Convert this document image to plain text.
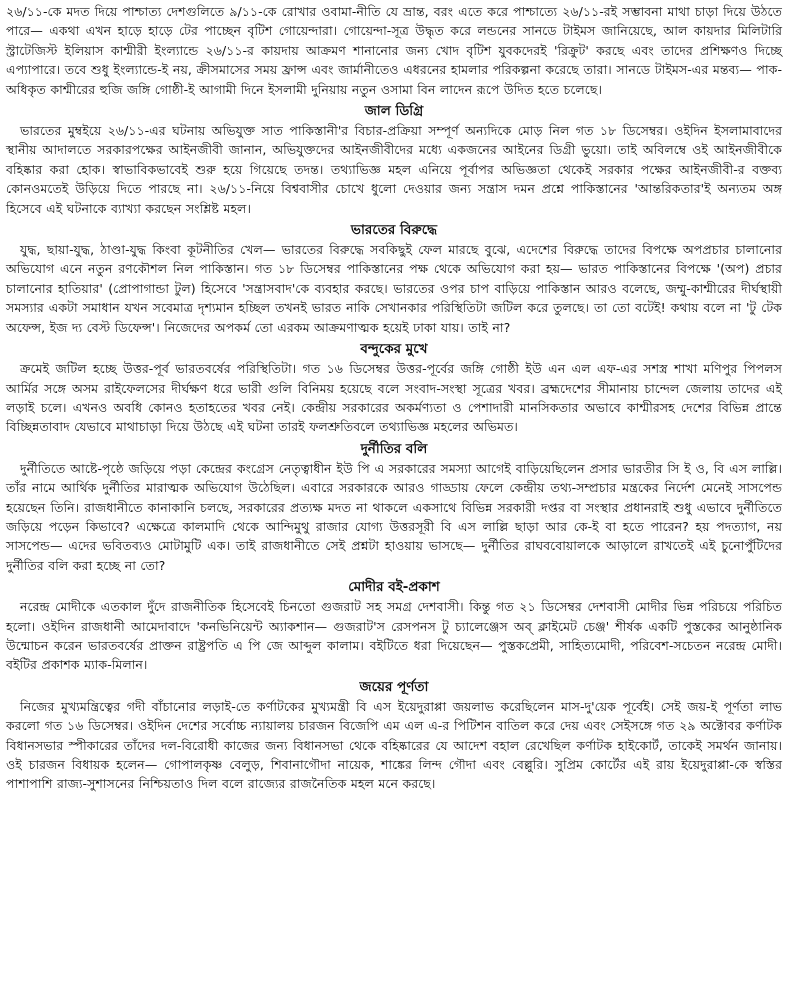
২৬/১১-কে মদত দিয়ে পাশ্চাত্য দেশগুলিতে ৯/১১-কে রোখার ওবামা-নীতি যে ভ্রান্ত, বরং এতে করে পাশ্চাত্যে ২৬/১১-রই সম্ভাবনা মাথা চাড়া দিয়ে উঠতে পারে— একথা এখন হাড়ে হাড়ে টের পাচ্ছেন বৃটিশ গোয়েন্দারা। গোয়েন্দা-সূত্র উদ্ধৃত করে লন্ডনের সানডে টাইমস জানিয়েছে, আল কায়দার মিলিটারি স্ট্রাটেজিস্ট ইলিয়াস কাশ্মীরী ইংল্যান্ডে ২৬/১১-র কায়দায় আক্রমণ শানানোর জন্য খোদ বৃটিশ যুবকদেরই 'রিক্রুট' করছে এবং তাদের প্রশিক্ষণও দিচ্ছে এপ্যাপারে। তবে শুধু ইংল্যান্ডে-ই নয়, ক্রীসমাসের সময় ফ্রান্স এবং জার্মানীতেও এধরনের হামলার পরিকল্পনা করেছে তারা। সানডে টাইমস-এর মন্তব্য— পাক-অধিকৃত কাশ্মীরের হুজি জঙ্গি গোষ্ঠী-ই আগামী দিনে ইসলামী দুনিয়ায় নতুন ওসামা বিন লাদেন রূপে উদিত হতে চলেছে।

জাল ডিগ্রি

ভারতের মুম্বইয়ে ২৬/১১-এর ঘটনায় অভিযুক্ত সাত পাকিস্তানী'র বিচার-প্রক্রিয়া সম্পূর্ণ অন্যদিকে মোড় নিল গত ১৮ ডিসেম্বর। ওইদিন ইসলামাবাদের স্থানীয় আদালতে সরকারপক্ষের আইনজীবী জানান, অভিযুক্তদের আইনজীবীদের মধ্যে একজনের আইনের ডিগ্রী ভুয়ো। তাই অবিলম্বে ওই আইনজীবীকে বহিষ্কার করা হোক। স্বাভাবিকভাবেই শুরু হয়ে গিয়েছে তদন্ত। তথ্যাভিজ্ঞ মহল এনিয়ে পূর্বাপর অভিজ্ঞতা থেকেই সরকার পক্ষের আইনজীবী-র বক্তব্য কোনওমতেই উড়িয়ে দিতে পারছে না। ২৬/১১-নিয়ে বিশ্ববাসীর চোখে ধুলো দেওয়ার জন্য সন্ত্রাস দমন প্রশ্নে পাকিস্তানের 'আন্তরিকতার'ই অন্যতম অঙ্গ হিসেবে এই ঘটনাকে ব্যাখ্যা করছেন সংশ্লিষ্ট মহল।

ভারতের বিরুদ্ধে

যুদ্ধ, ছায়া-যুদ্ধ, ঠাণ্ডা-যুদ্ধ কিংবা কূটনীতির খেল— ভারতের বিরুদ্ধে সবকিছুই ফেল মারছে বুঝে, এদেশের বিরুদ্ধে তাদের বিপক্ষে অপপ্রচার চালানোর অভিযোগ এনে নতুন রণকৌশল নিল পাকিস্তান। গত ১৮ ডিসেম্বর পাকিস্তানের পক্ষ থেকে অভিযোগ করা হয়— ভারত পাকিস্তানের বিপক্ষে '(অপ) প্রচার চালানোর হাতিয়ার' (প্রোপাগান্ডা টুল) হিসেবে 'সন্ত্রাসবাদ'কে ব্যবহার করছে। ভারতের ওপর চাপ বাড়িয়ে পাকিস্তান আরও বলেছে, জম্মু-কাশ্মীরের দীর্ঘস্থায়ী সমস্যার একটা সমাধান যখন সবেমাত্র দৃশ্যমান হচ্ছিল তখনই ভারত নাকি সেখানকার পরিস্থিতিটা জটিল করে তুলছে। তা তো বটেই! কথায় বলে না 'টু টেক অফেন্স, ইজ দ্য বেস্ট ডিফেন্স'। নিজেদের অপকর্ম তো এরকম আক্রমণাত্মক হয়েই ঢাকা যায়। তাই না?

বন্দুকের মুখে

ক্রমেই জটিল হচ্ছে উত্তর-পূর্ব ভারতবর্ষের পরিস্থিতিটা। গত ১৬ ডিসেম্বর উত্তর-পূর্বের জঙ্গি গোষ্ঠী ইউ এন এল এফ-এর সশস্ত্র শাখা মণিপুর পিপলস আর্মির সঙ্গে অসম রাইফেলসের দীর্ঘক্ষণ ধরে ভারী গুলি বিনিময় হয়েছে বলে সংবাদ-সংস্থা সূত্রের খবর। ব্রহ্মদেশের সীমানায় চান্দেল জেলায় তাদের এই লড়াই চলে। এখনও অবধি কোনও হতাহতের খবর নেই। কেন্দ্রীয় সরকারের অকর্মণ্যতা ও পেশাদারী মানসিকতার অভাবে কাশ্মীরসহ দেশের বিভিন্ন প্রান্তে বিচ্ছিন্নতাবাদ যেভাবে মাথাচাড়া দিয়ে উঠছে এই ঘটনা তারই ফলশ্রুতিবলে তথ্যাভিজ্ঞ মহলের অভিমত।

দুর্নীতির বলি

দুর্নীতিতে আষ্টে-পৃষ্ঠে জড়িয়ে পড়া কেন্দ্রের কংগ্রেস নেতৃত্বাধীন ইউ পি এ সরকারের সমস্যা আগেই বাড়িয়েছিলেন প্রসার ভারতীর সি ই ও, বি এস লাল্লি। তাঁর নামে আর্থিক দুর্নীতির মারাত্মক অভিযোগ উঠেছিল। এবারে সরকারকে আরও গাড্ডায় ফেলে কেন্দ্রীয় তথ্য-সম্প্রচার মন্ত্রকের নির্দেশ মেনেই সাসপেন্ড হয়েছেন তিনি। রাজধানীতে কানাকানি চলছে, সরকারের প্রত্যক্ষ মদত না থাকলে একসাথে বিভিন্ন সরকারী দপ্তর বা সংস্থার প্রধানরাই শুধু এভাবে দুর্নীতিতে জড়িয়ে পড়েন কিভাবে? এক্ষেত্রে কালমাদি থেকে আন্দিমুথু রাজার যোগ্য উত্তরসূরী বি এস লাল্লি ছাড়া আর কে-ই বা হতে পারেন? হয় পদত্যাগ, নয় সাসপেন্ড— এদের ভবিতব্যও মোটামুটি এক। তাই রাজধানীতে সেই প্রশ্নটা হাওয়ায় ভাসছে— দুর্নীতির রাঘববোয়ালকে আড়ালে রাখতেই এই চুনোপুঁটিদের দুর্নীতির বলি করা হচ্ছে না তো?

মোদীর বই-প্রকাশ

নরেন্দ্র মোদীকে এতকাল দুঁদে রাজনীতিক হিসেবেই চিনতো গুজরাট সহ সমগ্র দেশবাসী। কিন্তু গত ২১ ডিসেম্বর দেশবাসী মোদীর ভিন্ন পরিচয়ে পরিচিত হলো। ওইদিন রাজধানী আমেদাবাদে 'কনভিনিয়েন্ট অ্যাকশান— গুজরাট'স রেসপনস টু চ্যালেঞ্জেস অব্ ক্লাইমেট চেঞ্জ' শীর্ষক একটি পুস্তকের আনুষ্ঠানিক উন্মোচন করেন ভারতবর্ষের প্রাক্তন রাষ্ট্রপতি এ পি জে আব্দুল কালাম। বইটিতে ধরা দিয়েছেন— পুস্তকপ্রেমী, সাহিত্যমোদী, পরিবেশ-সচেতন নরেন্দ্র মোদী। বইটির প্রকাশক ম্যাক-মিলান।

জয়ের পূর্ণতা

নিজের মুখ্যমন্ত্রিত্বের গদী বাঁচানোর লড়াই-তে কর্ণাটকের মুখ্যমন্ত্রী বি এস ইয়েদুরাপ্পা জয়লাভ করেছিলেন মাস-দু'য়েক পূর্বেই। সেই জয়-ই পূর্ণতা লাভ করলো গত ১৬ ডিসেম্বর। ওইদিন দেশের সর্বোচ্চ ন্যায়ালয় চারজন বিজেপি এম এল এ-র পিটিশন বাতিল করে দেয় এবং সেইসঙ্গে গত ২৯ অক্টোবর কর্ণাটক বিধানসভার স্পীকারের তাঁদের দল-বিরোধী কাজের জন্য বিধানসভা থেকে বহিষ্কারের যে আদেশ বহাল রেখেছিল কর্ণাটক হাইকোর্ট, তাকেই সমর্থন জানায়। ওই চারজন বিধায়ক হলেন— গোপালকৃষ্ণ বেলুড়, শিবানাগৌদা নায়েক, শাঙ্কের লিন্দ গৌদা এবং বেল্লুরি। সুপ্রিম কোর্টের এই রায় ইয়েদুরাপ্পা-কে স্বস্তির পাশাপাশি রাজ্য-সুশাসনের নিশ্চিয়তাও দিল বলে রাজ্যের রাজনৈতিক মহল মনে করছে।
